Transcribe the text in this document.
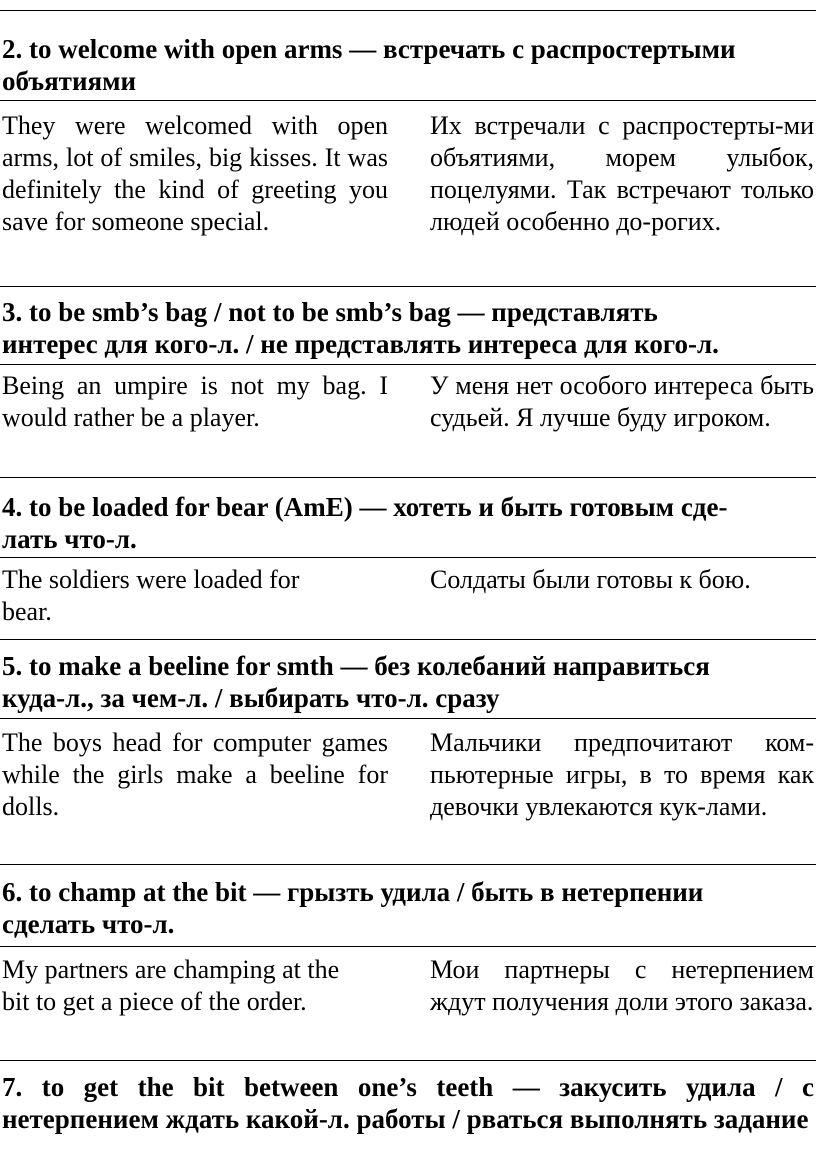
2. to welcome with open arms — встречать с распростертыми
объятиями
They were welcomed with open arms, lot of smiles, big kisses. It was definitely the kind of greeting you save for someone special.
Их встречали с распростерты-ми объятиями, морем улыбок, поцелуями. Так встречают только людей особенно до-рогих.
3. to be smb’s bag / not to be smb’s bag — представлять
интерес для кого-л. / не представлять интереса для кого-л.
Being an umpire is not my bag. I would rather be a player.
У меня нет особого интереса быть судьей. Я лучше буду игроком.
4. to be loaded for bear (AmE) — хотеть и быть готовым сде-
лать что-л.
The soldiers were loaded for bear.
Солдаты были готовы к бою.
5. to make a beeline for smth — без колебаний направиться
куда-л., за чем-л. / выбирать что-л. сразу
The boys head for computer games while the girls make a beeline for dolls.
Мальчики предпочитают ком-пьютерные игры, в то время как девочки увлекаются кук-лами.
6. to champ at the bit — грызть удила / быть в нетерпении
сделать что-л.
My partners are champing at the bit to get a piece of the order.
Мои партнеры с нетерпением ждут получения доли этого заказа.
7. to get the bit between one’s teeth — закусить удила / с нетерпением ждать какой-л. работы / рваться выполнять задание
